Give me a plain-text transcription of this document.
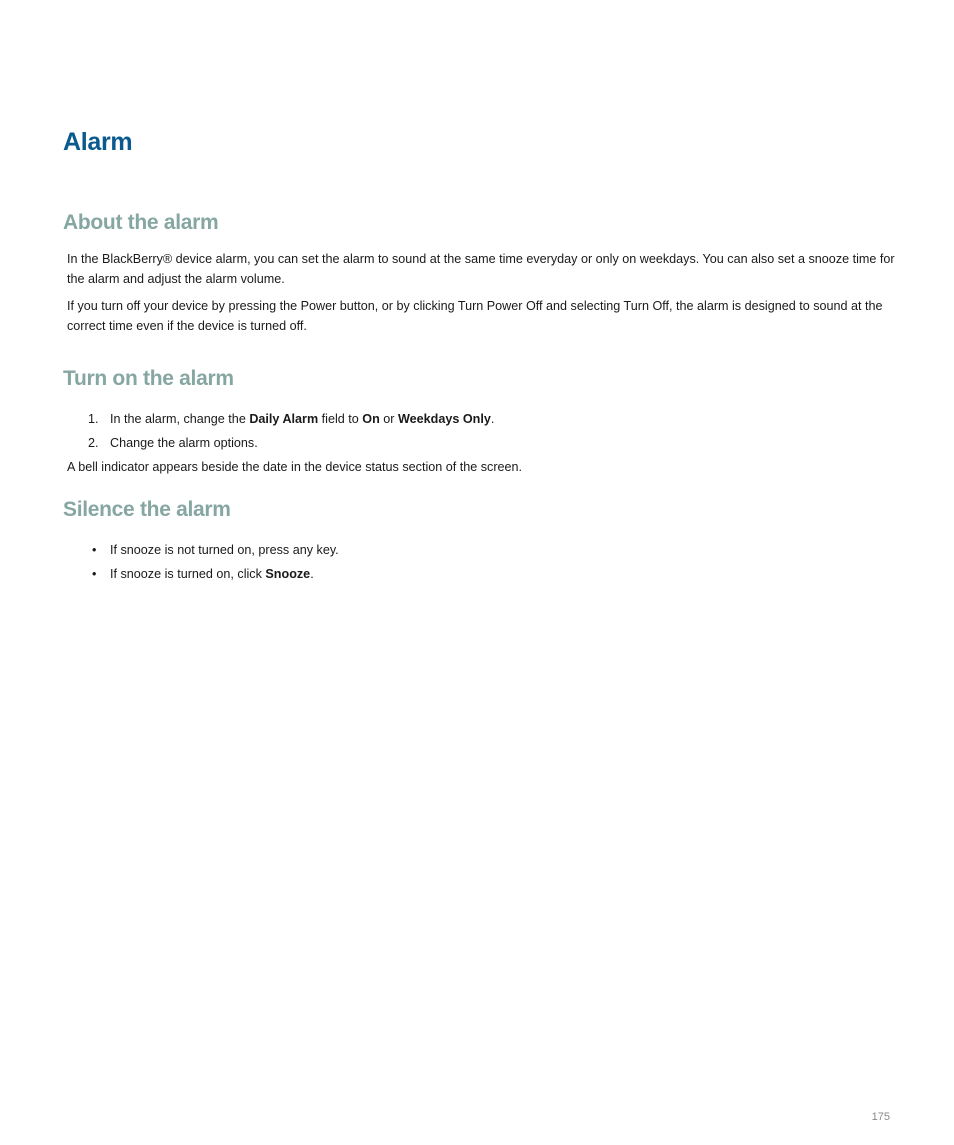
Alarm
About the alarm

In the BlackBerry® device alarm, you can set the alarm to sound at the same time everyday or only on weekdays. You can also set a snooze time for the alarm and adjust the alarm volume.

If you turn off your device by pressing the Power button, or by clicking Turn Power Off and selecting Turn Off, the alarm is designed to sound at the correct time even if the device is turned off.

Turn on the alarm
1. In the alarm, change the Daily Alarm field to On or Weekdays Only.
2. Change the alarm options.

A bell indicator appears beside the date in the device status section of the screen.

Silence the alarm
• If snooze is not turned on, press any key.
• If snooze is turned on, click Snooze.
175
